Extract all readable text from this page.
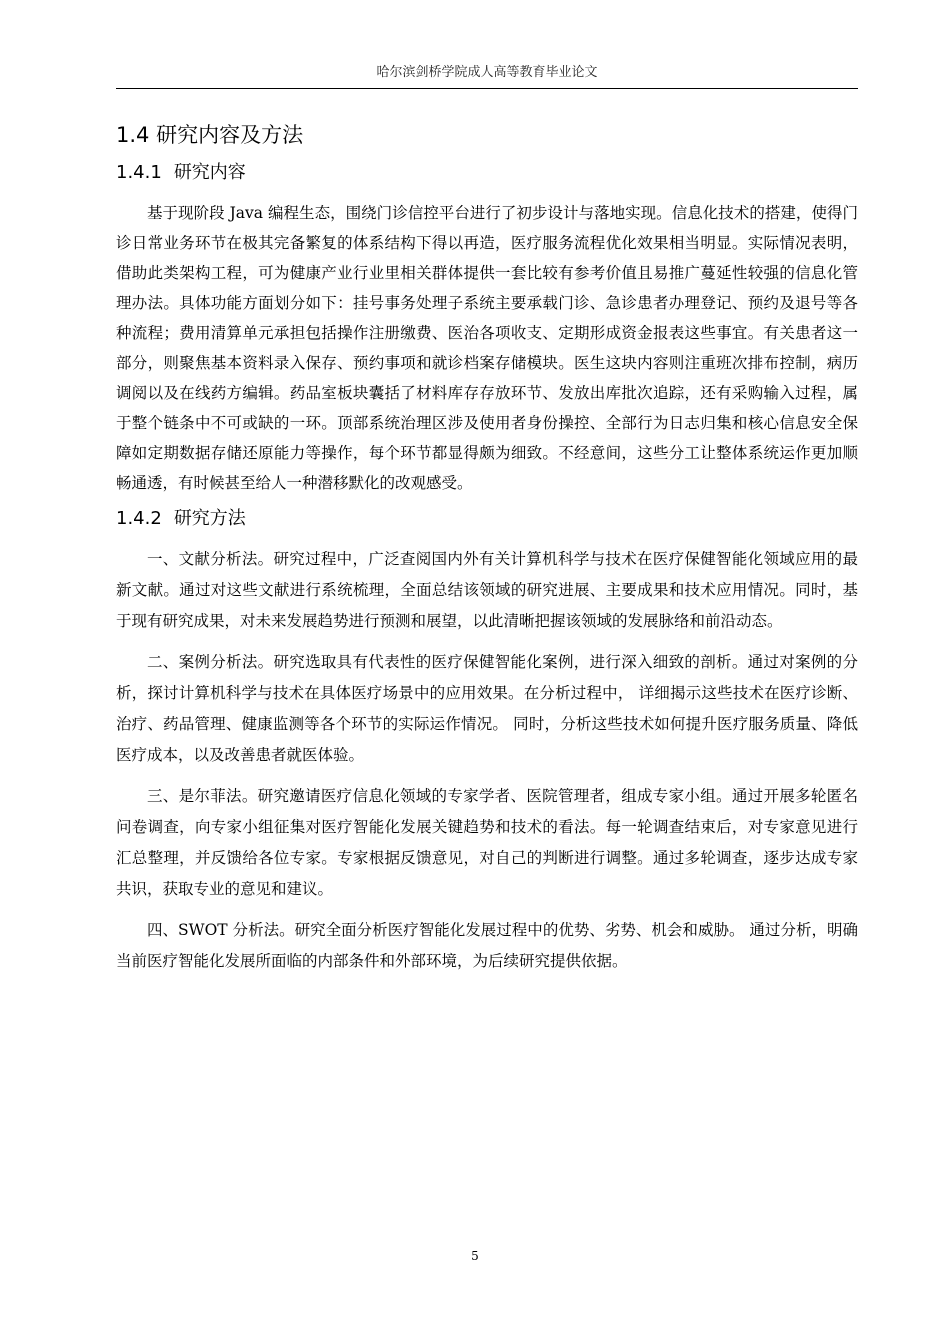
哈尔滨剑桥学院成人高等教育毕业论文
1.4 研究内容及方法
1.4.1 研究内容

基于现阶段 Java 编程生态，围绕门诊信控平台进行了初步设计与落地实现。信息化技术的搭建，使得门诊日常业务环节在极其完备繁复的体系结构下得以再造，医疗服务流程优化效果相当明显。实际情况表明，借助此类架构工程，可为健康产业行业里相关群体提供一套比较有参考价值且易推广蔓延性较强的信息化管理办法。具体功能方面划分如下：挂号事务处理子系统主要承载门诊、急诊患者办理登记、预约及退号等各种流程；费用清算单元承担包括操作注册缴费、医治各项收支、定期形成资金报表这些事宜。有关患者这一部分，则聚焦基本资料录入保存、预约事项和就诊档案存储模块。医生这块内容则注重班次排布控制，病历调阅以及在线药方编辑。药品室板块囊括了材料库存存放环节、发放出库批次追踪，还有采购输入过程，属于整个链条中不可或缺的一环。顶部系统治理区涉及使用者身份操控、全部行为日志归集和核心信息安全保障如定期数据存储还原能力等操作，每个环节都显得颇为细致。不经意间，这些分工让整体系统运作更加顺畅通透，有时候甚至给人一种潜移默化的改观感受。

1.4.2 研究方法

一、文献分析法。研究过程中，广泛查阅国内外有关计算机科学与技术在医疗保健智能化领域应用的最新文献。通过对这些文献进行系统梳理，全面总结该领域的研究进展、主要成果和技术应用情况。同时，基于现有研究成果，对未来发展趋势进行预测和展望，以此清晰把握该领域的发展脉络和前沿动态。

二、案例分析法。研究选取具有代表性的医疗保健智能化案例，进行深入细致的剖析。通过对案例的分析，探讨计算机科学与技术在具体医疗场景中的应用效果。在分析过程中， 详细揭示这些技术在医疗诊断、治疗、药品管理、健康监测等各个环节的实际运作情况。 同时，分析这些技术如何提升医疗服务质量、降低医疗成本，以及改善患者就医体验。

三、是尔菲法。研究邀请医疗信息化领域的专家学者、医院管理者，组成专家小组。通过开展多轮匿名问卷调查，向专家小组征集对医疗智能化发展关键趋势和技术的看法。每一轮调查结束后，对专家意见进行汇总整理，并反馈给各位专家。专家根据反馈意见，对自己的判断进行调整。通过多轮调查，逐步达成专家共识，获取专业的意见和建议。

四、SWOT 分析法。研究全面分析医疗智能化发展过程中的优势、劣势、机会和威胁。 通过分析，明确当前医疗智能化发展所面临的内部条件和外部环境，为后续研究提供依据。

5
